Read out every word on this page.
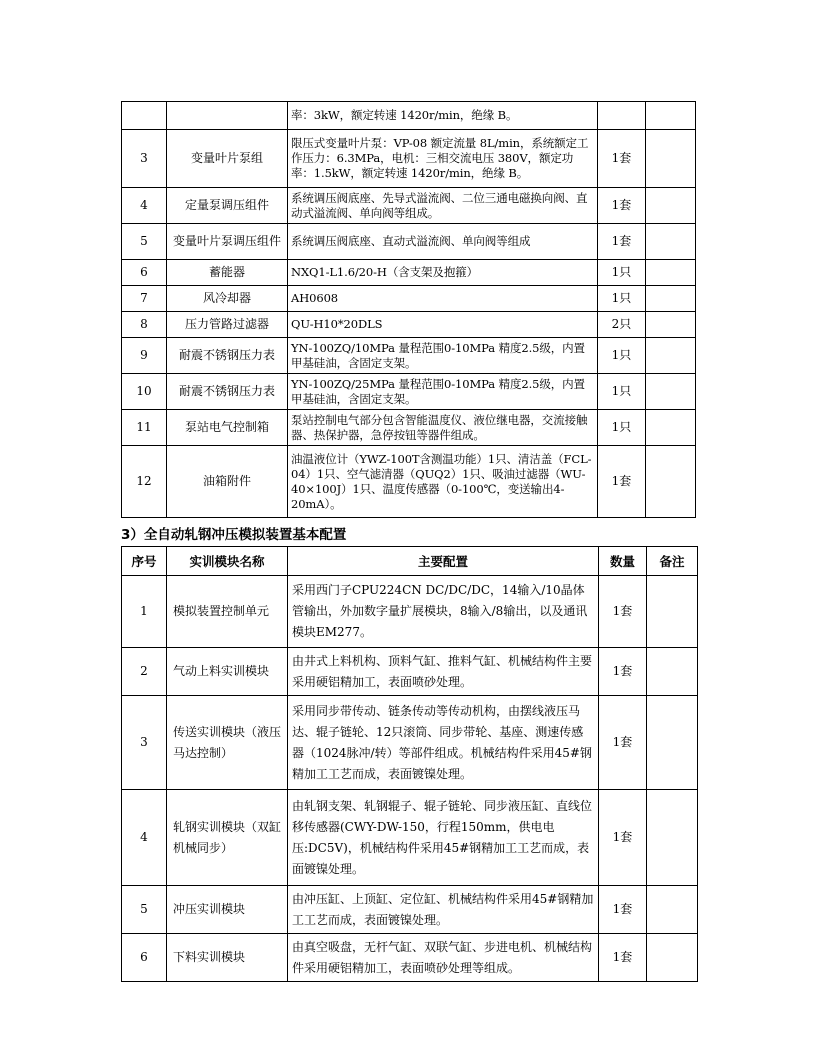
		率：3kW，额定转速 1420r/min，绝缘 B。		
3	变量叶片泵组	限压式变量叶片泵：VP-08 额定流量 8L/min，系统额定工作压力：6.3MPa，电机：三相交流电压 380V，额定功率：1.5kW，额定转速 1420r/min，绝缘 B。	1套	
4	定量泵调压组件	系统调压阀底座、先导式溢流阀、二位三通电磁换向阀、直动式溢流阀、单向阀等组成。	1套	
5	变量叶片泵调压组件	系统调压阀底座、直动式溢流阀、单向阀等组成	1套	
6	蓄能器	NXQ1-L1.6/20-H（含支架及抱箍）	1只	
7	风冷却器	AH0608	1只	
8	压力管路过滤器	QU-H10*20DLS	2只	
9	耐震不锈钢压力表	YN-100ZQ/10MPa 量程范围0-10MPa 精度2.5级，内置甲基硅油，含固定支架。	1只	
10	耐震不锈钢压力表	YN-100ZQ/25MPa 量程范围0-10MPa 精度2.5级，内置甲基硅油，含固定支架。	1只	
11	泵站电气控制箱	泵站控制电气部分包含智能温度仪、液位继电器，交流接触器、热保护器，急停按钮等器件组成。	1只	
12	油箱附件	油温液位计（YWZ-100T含测温功能）1只、清洁盖（FCL-04）1只、空气滤清器（QUQ2）1只、吸油过滤器（WU-40×100J）1只、温度传感器（0-100℃，变送输出4-20mA）。	1套	
3）全自动轧钢冲压模拟装置基本配置
序号	实训模块名称	主要配置	数量	备注
1	模拟装置控制单元	采用西门子CPU224CN DC/DC/DC，14输入/10晶体管输出，外加数字量扩展模块，8输入/8输出，以及通讯模块EM277。	1套	
2	气动上料实训模块	由井式上料机构、顶料气缸、推料气缸、机械结构件主要采用硬铝精加工，表面喷砂处理。	1套	
3	传送实训模块（液压马达控制）	采用同步带传动、链条传动等传动机构，由摆线液压马达、辊子链轮、12只滚筒、同步带轮、基座、测速传感器（1024脉冲/转）等部件组成。机械结构件采用45#钢精加工工艺而成，表面镀镍处理。	1套	
4	轧钢实训模块（双缸机械同步）	由轧钢支架、轧钢辊子、辊子链轮、同步液压缸、直线位移传感器(CWY-DW-150，行程150mm，供电电压:DC5V)，机械结构件采用45#钢精加工工艺而成，表面镀镍处理。	1套	
5	冲压实训模块	由冲压缸、上顶缸、定位缸、机械结构件采用45#钢精加工工艺而成，表面镀镍处理。	1套	
6	下料实训模块	由真空吸盘，无杆气缸、双联气缸、步进电机、机械结构件采用硬铝精加工，表面喷砂处理等组成。	1套	
